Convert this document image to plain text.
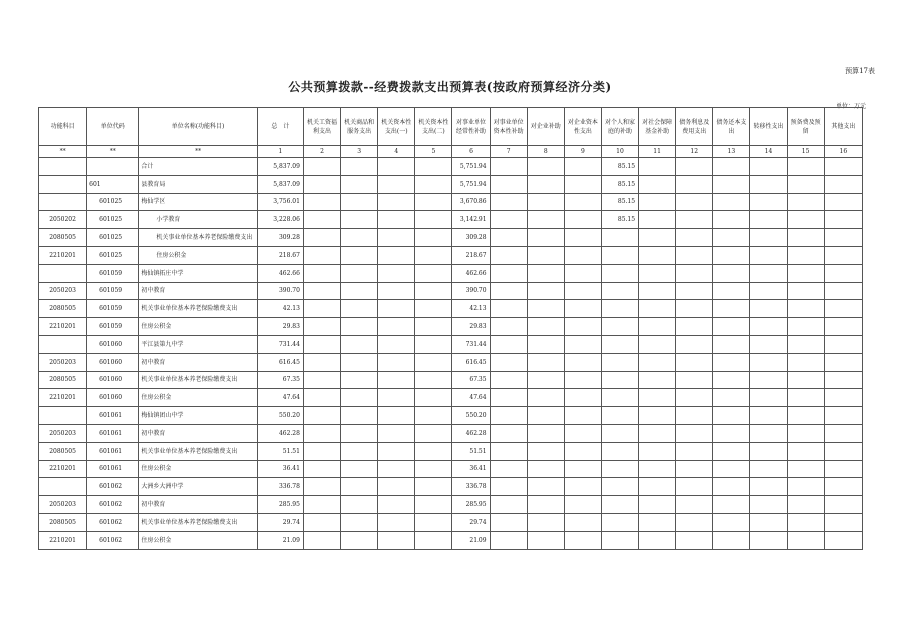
预算17表
公共预算拨款--经费拨款支出预算表(按政府预算经济分类)
单位：万元
功能科目	单位代码	单位名称(功能科目)	总　计	机关工资福利支出	机关商品和服务支出	机关资本性支出(一)	机关资本性支出(二)	对事业单位经常性补助	对事业单位资本性补助	对企业补助	对企业资本性支出	对个人和家庭的补助	对社会保障基金补助	债务利息及费用支出	债务还本支出	转移性支出	预备费及预留	其他支出
**	**	**	1	2	3	4	5	6	7	8	9	10	11	12	13	14	15	16
		合计	5,837.09					5,751.94				85.15						
	601	县教育局	5,837.09					5,751.94				85.15						
	601025	梅仙学区	3,756.01					3,670.86				85.15						
2050202	601025	小学教育	3,228.06					3,142.91				85.15						
2080505	601025	机关事业单位基本养老保险缴费支出	309.28					309.28										
2210201	601025	住房公积金	218.67					218.67										
	601059	梅仙镇拓庄中学	462.66					462.66										
2050203	601059	初中教育	390.70					390.70										
2080505	601059	机关事业单位基本养老保险缴费支出	42.13					42.13										
2210201	601059	住房公积金	29.83					29.83										
	601060	平江县第九中学	731.44					731.44										
2050203	601060	初中教育	616.45					616.45										
2080505	601060	机关事业单位基本养老保险缴费支出	67.35					67.35										
2210201	601060	住房公积金	47.64					47.64										
	601061	梅仙镇团山中学	550.20					550.20										
2050203	601061	初中教育	462.28					462.28										
2080505	601061	机关事业单位基本养老保险缴费支出	51.51					51.51										
2210201	601061	住房公积金	36.41					36.41										
	601062	大洲乡大洲中学	336.78					336.78										
2050203	601062	初中教育	285.95					285.95										
2080505	601062	机关事业单位基本养老保险缴费支出	29.74					29.74										
2210201	601062	住房公积金	21.09					21.09										
